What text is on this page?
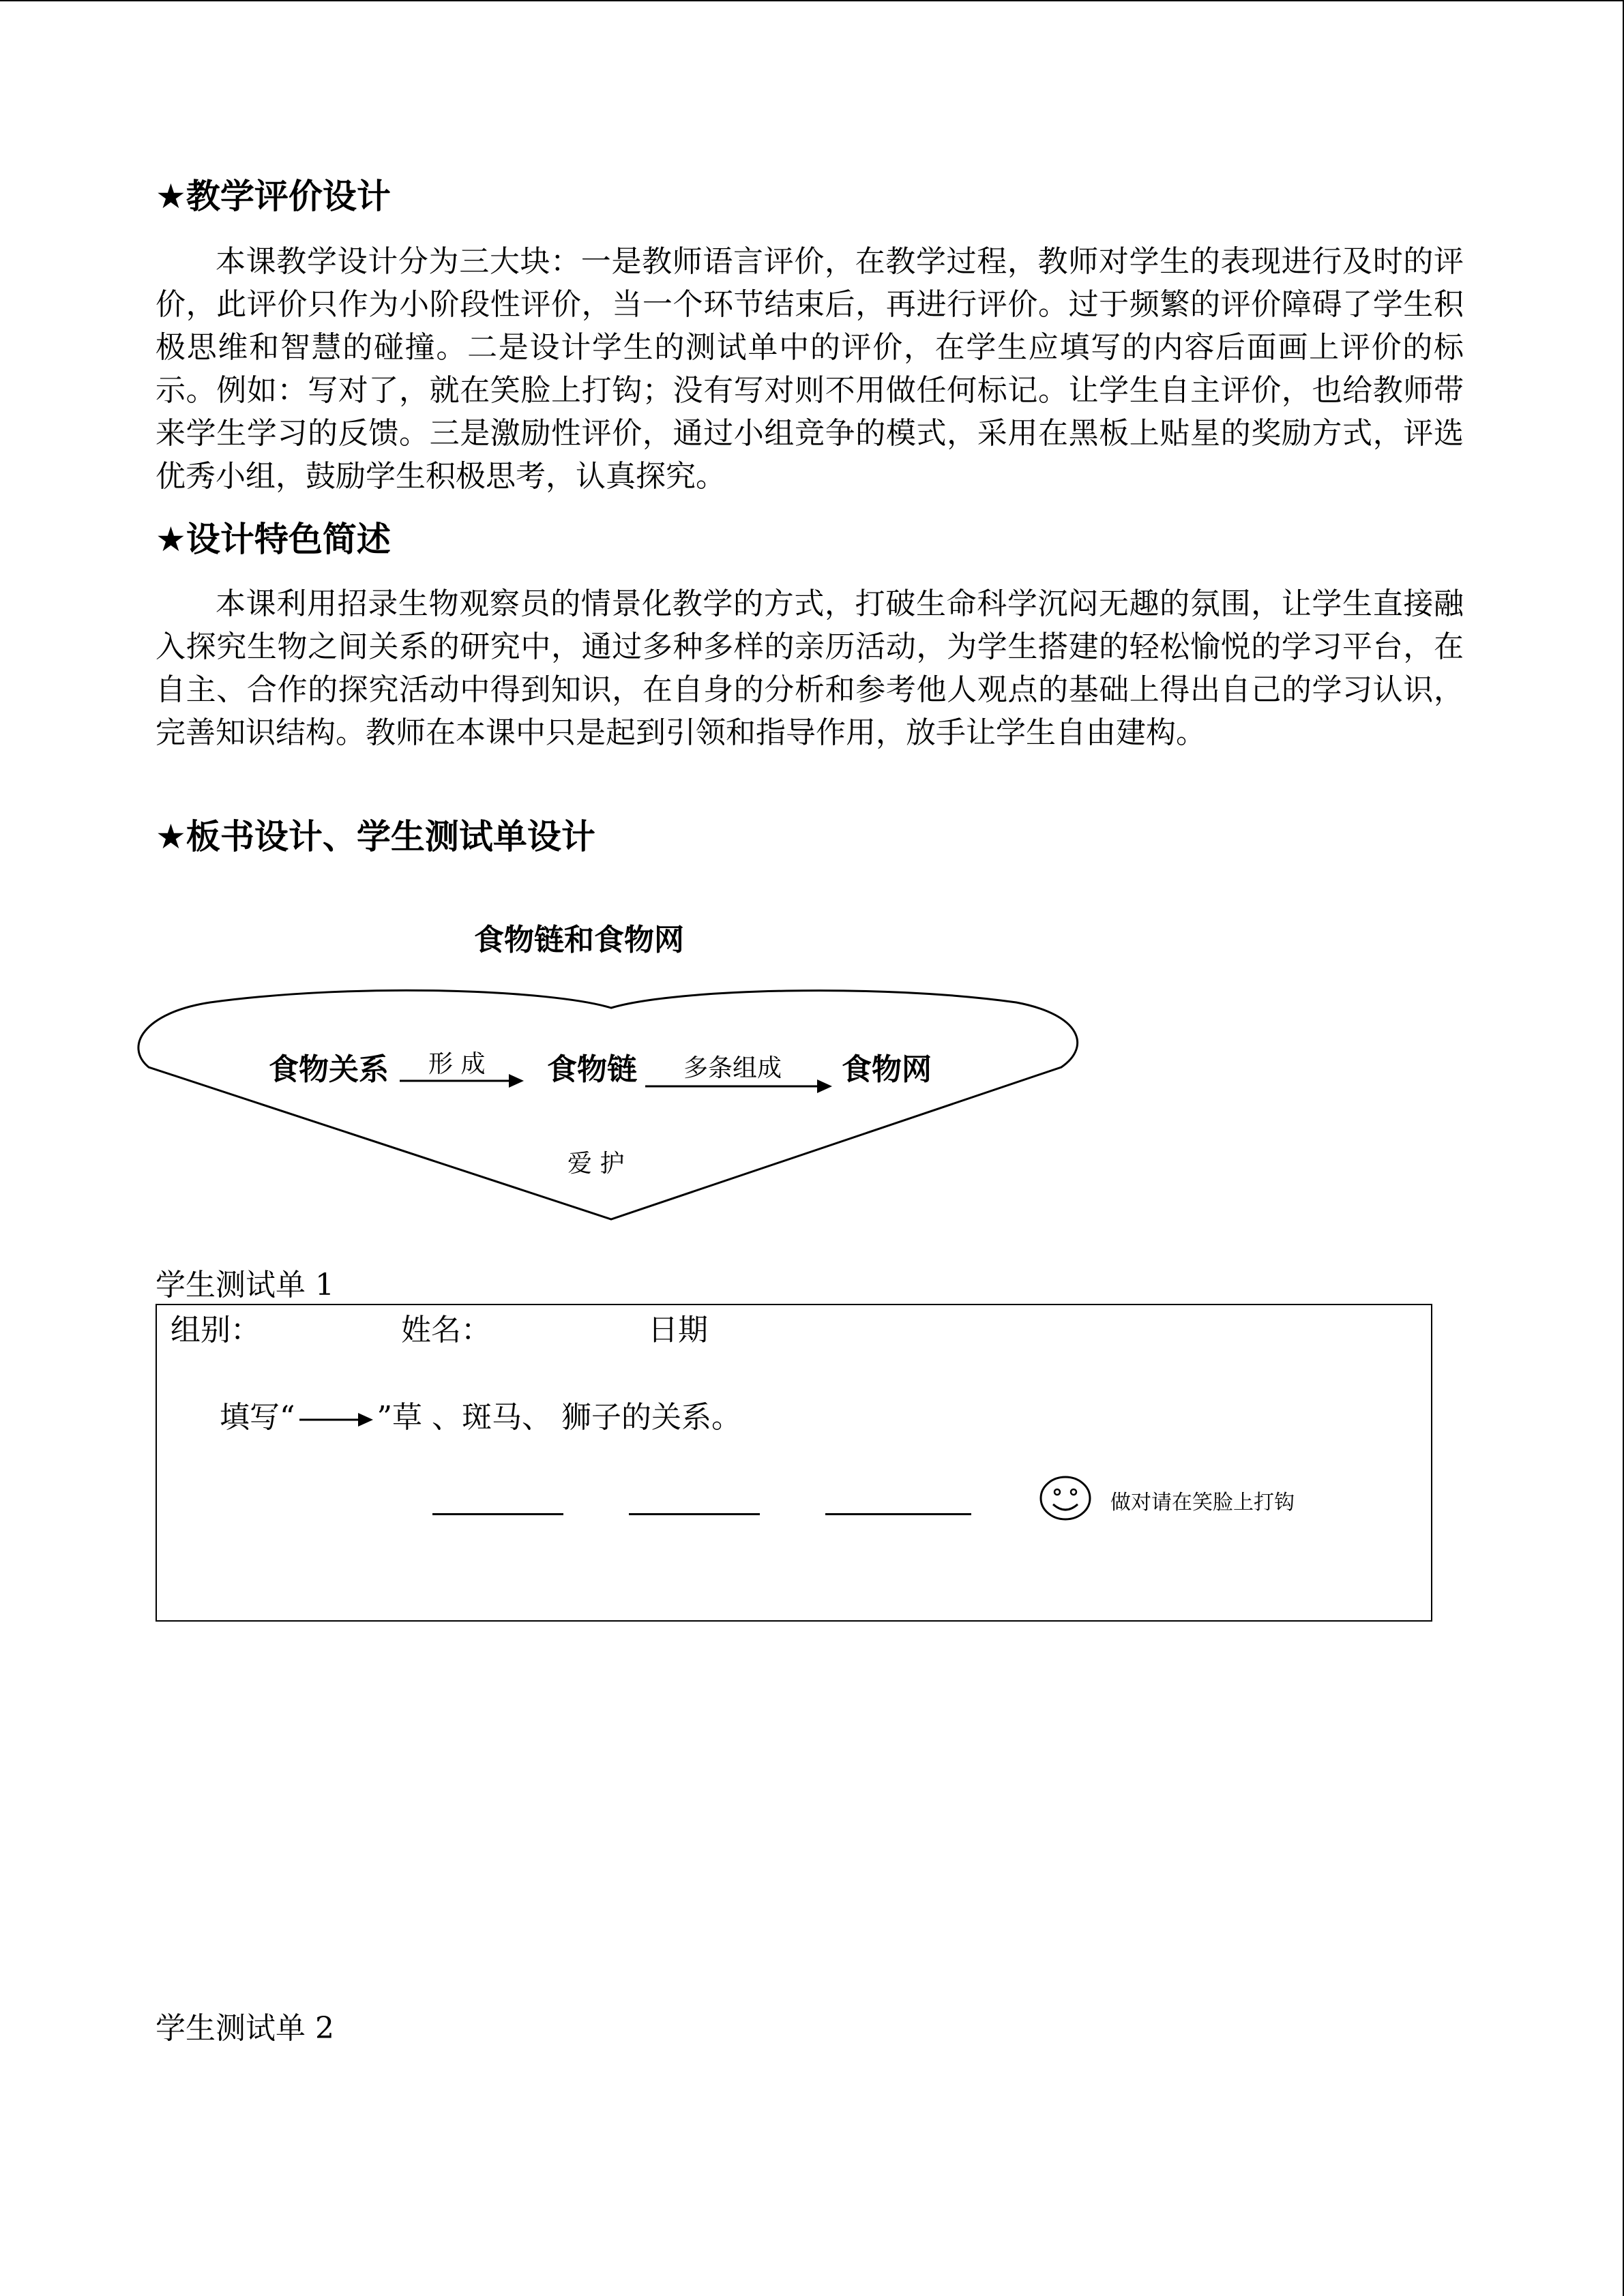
★教学评价设计

本课教学设计分为三大块：一是教师语言评价，在教学过程，教师对学生的表现进行及时的评价，此评价只作为小阶段性评价，当一个环节结束后，再进行评价。过于频繁的评价障碍了学生积极思维和智慧的碰撞。二是设计学生的测试单中的评价，在学生应填写的内容后面画上评价的标示。例如：写对了，就在笑脸上打钩；没有写对则不用做任何标记。让学生自主评价，也给教师带来学生学习的反馈。三是激励性评价，通过小组竞争的模式，采用在黑板上贴星的奖励方式，评选优秀小组，鼓励学生积极思考，认真探究。

★设计特色简述

本课利用招录生物观察员的情景化教学的方式，打破生命科学沉闷无趣的氛围，让学生直接融入探究生物之间关系的研究中，通过多种多样的亲历活动，为学生搭建的轻松愉悦的学习平台，在自主、合作的探究活动中得到知识，在自身的分析和参考他人观点的基础上得出自己的学习认识，完善知识结构。教师在本课中只是起到引领和指导作用，放手让学生自由建构。

★板书设计、学生测试单设计
食物链和食物网
食物关系 形 成 食物链 多条组成 食物网
爱 护
学生测试单 1
组别：	姓名：	日期
填写“	”草 、斑马、 狮子的关系。
做对请在笑脸上打钩
学生测试单 2
